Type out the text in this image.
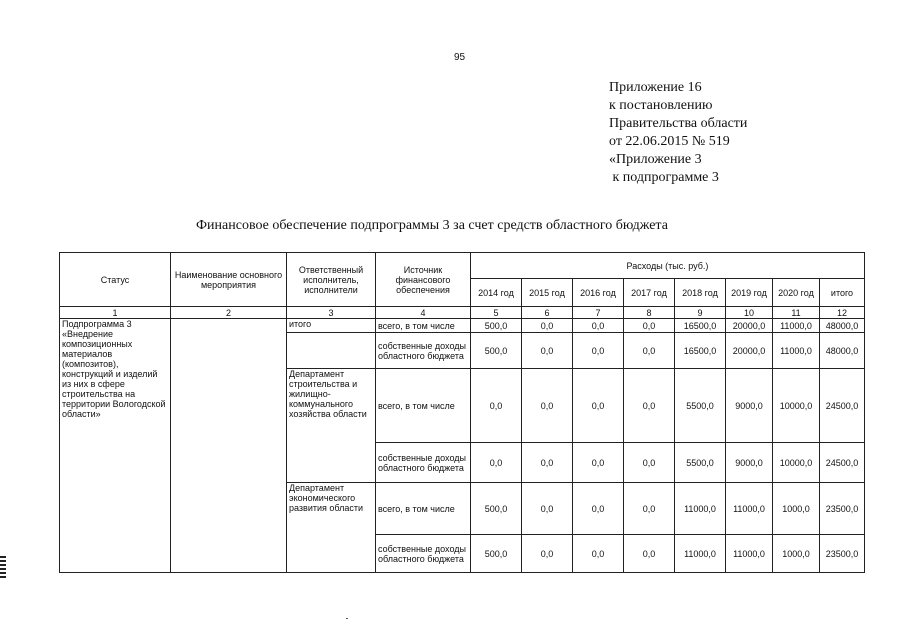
95
Приложение 16
к постановлению
Правительства области
от 22.06.2015 № 519
«Приложение 3
к подпрограмме 3
Финансовое обеспечение подпрограммы 3 за счет средств областного бюджета
Статус	Наименование основного мероприятия	Ответственный исполнитель, исполнители	Источник финансового обеспечения	Расходы (тыс. руб.)							
				2014 год	2015 год	2016 год	2017 год	2018 год	2019 год	2020 год	итого
1	2	3	4	5	6	7	8	9	10	11	12
Подпрограмма 3 «Внедрение композиционных материалов (композитов), конструкций и изделий из них в сфере строительства на территории Вологодской области»		итого	всего, в том числе	500,0	0,0	0,0	0,0	16500,0	20000,0	11000,0	48000,0
			собственные доходы областного бюджета	500,0	0,0	0,0	0,0	16500,0	20000,0	11000,0	48000,0
		Департамент строительства и жилищно-коммунального хозяйства области	всего, в том числе	0,0	0,0	0,0	0,0	5500,0	9000,0	10000,0	24500,0
			собственные доходы областного бюджета	0,0	0,0	0,0	0,0	5500,0	9000,0	10000,0	24500,0
		Департамент экономического развития области	всего, в том числе	500,0	0,0	0,0	0,0	11000,0	11000,0	1000,0	23500,0
			собственные доходы областного бюджета	500,0	0,0	0,0	0,0	11000,0	11000,0	1000,0	23500,0
